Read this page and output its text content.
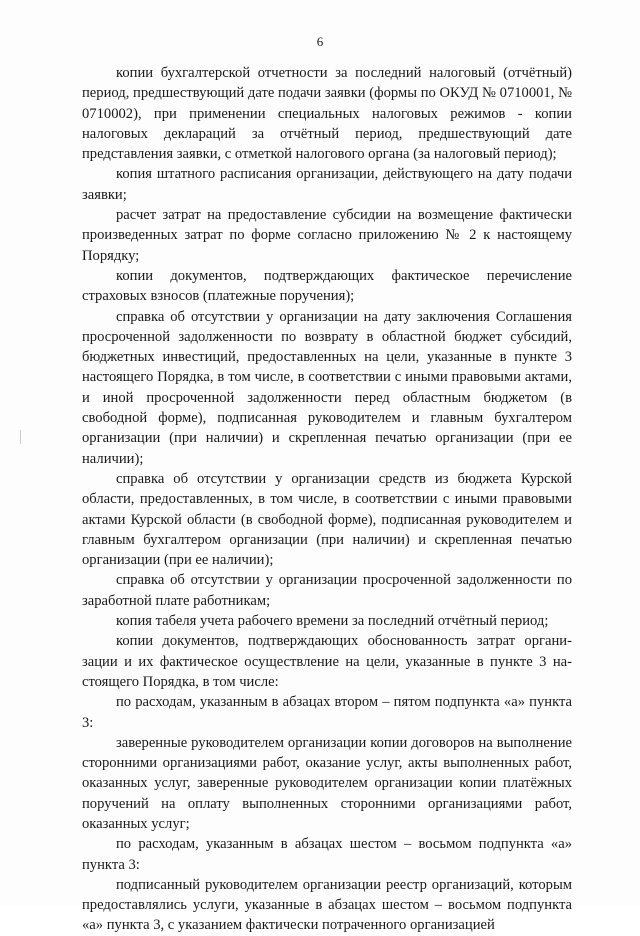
6

копии бухгалтерской отчетности за последний налоговый (отчётный) период, предшествующий дате подачи заявки (формы по ОКУД № 0710001, № 0710002), при применении специальных налоговых режимов - копии налоговых деклараций за отчётный период, предшествующий дате представления заявки, с отметкой налогового органа (за налоговый период);

копия штатного расписания организации, действующего на дату подачи заявки;

расчет затрат на предоставление субсидии на возмещение фактически произведенных затрат по форме согласно приложению № 2 к настоящему Порядку;

копии документов, подтверждающих фактическое перечисление страховых взносов (платежные поручения);

справка об отсутствии у организации на дату заключения Соглашения просроченной задолженности по возврату в областной бюджет субсидий, бюджетных инвестиций, предоставленных на цели, указанные в пункте 3 настоящего Порядка, в том числе, в соответствии с иными правовыми актами, и иной просроченной задолженности перед областным бюджетом (в свободной форме), подписанная руководителем и главным бухгалтером организации (при наличии) и скрепленная печатью организации (при ее наличии);

справка об отсутствии у организации средств из бюджета Курской области, предоставленных, в том числе, в соответствии с иными правовыми актами Курской области (в свободной форме), подписанная руководителем и главным бухгалтером организации (при наличии) и скрепленная печатью организации (при ее наличии);

справка об отсутствии у организации просроченной задолженности по заработной плате работникам;

копия табеля учета рабочего времени за последний отчётный период;

копии документов, подтверждающих обоснованность затрат организации и их фактическое осуществление на цели, указанные в пункте 3 настоящего Порядка, в том числе:

по расходам, указанным в абзацах втором – пятом подпункта «а» пункта 3:

заверенные руководителем организации копии договоров на выполнение сторонними организациями работ, оказание услуг, акты выполненных работ, оказанных услуг, заверенные руководителем организации копии платёжных поручений на оплату выполненных сторонними организациями работ, оказанных услуг;

по расходам, указанным в абзацах шестом – восьмом подпункта «а» пункта 3:

подписанный руководителем организации реестр организаций, которым предоставлялись услуги, указанные в абзацах шестом – восьмом подпункта «а» пункта 3, с указанием фактически потраченного организацией
